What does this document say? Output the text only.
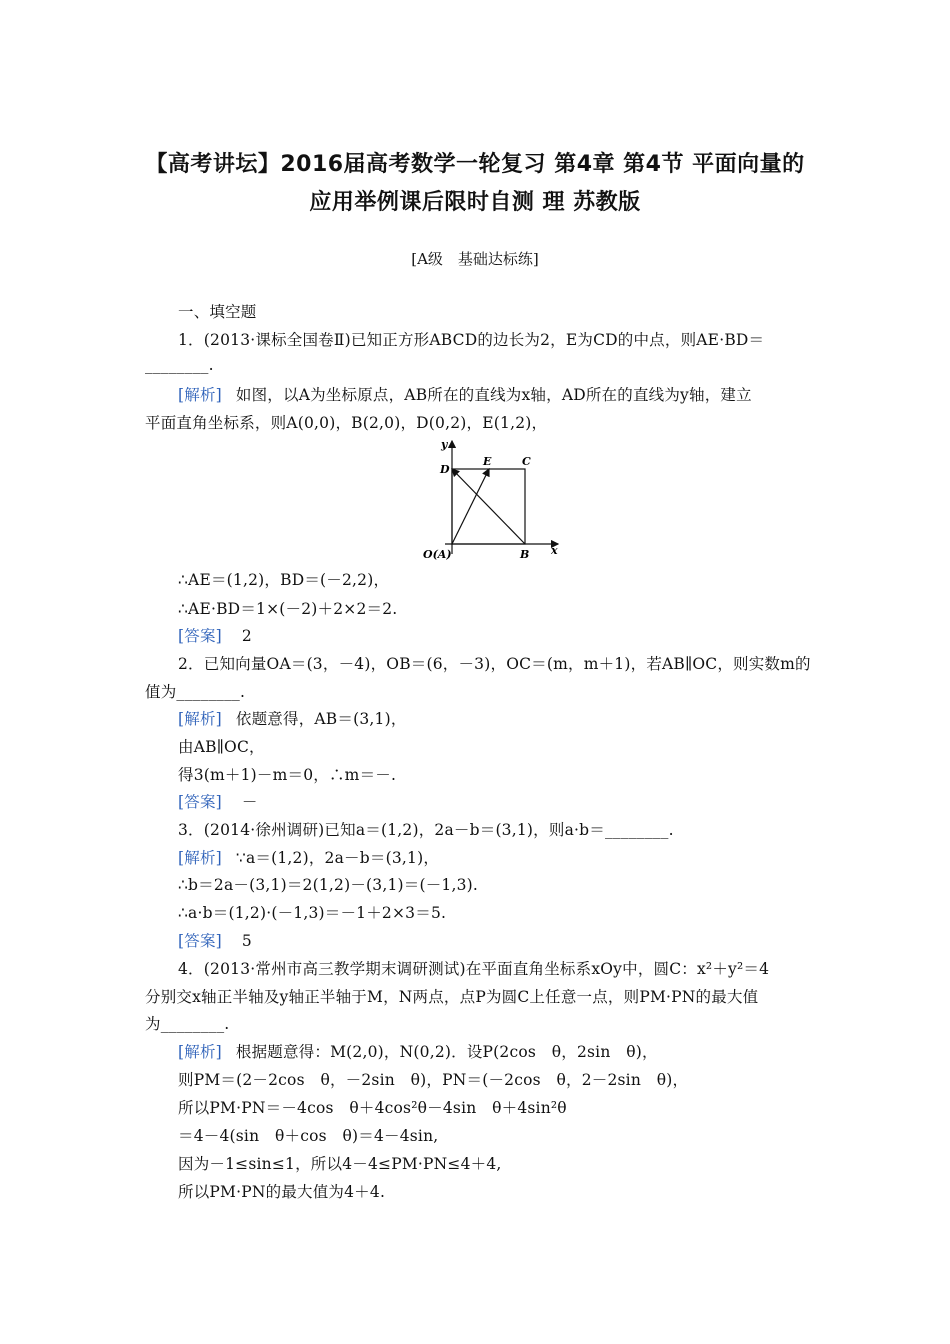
【高考讲坛】2016届高考数学一轮复习 第4章 第4节 平面向量的
应用举例课后限时自测 理 苏教版
[A级　基础达标练]
一、填空题
1．(2013·课标全国卷Ⅱ)已知正方形ABCD的边长为2，E为CD的中点，则AE·BD＝
________.
[解析] 如图，以A为坐标原点，AB所在的直线为x轴，AD所在的直线为y轴，建立
平面直角坐标系，则A(0,0)，B(2,0)，D(0,2)，E(1,2)，
y
D
E	C
O(A)	B x
∴AE＝(1,2)，BD＝(－2,2)，
∴AE·BD＝1×(－2)＋2×2＝2.
[答案] 2
2．已知向量OA＝(3，－4)，OB＝(6，－3)，OC＝(m，m＋1)，若AB∥OC，则实数m的
值为________.
[解析] 依题意得，AB＝(3,1)，
由AB∥OC，
得3(m＋1)－m＝0，∴m＝－.
[答案] －
3．(2014·徐州调研)已知a＝(1,2)，2a－b＝(3,1)，则a·b＝________.
[解析] ∵a＝(1,2)，2a－b＝(3,1)，
∴b＝2a－(3,1)＝2(1,2)－(3,1)＝(－1,3).
∴a·b＝(1,2)·(－1,3)＝－1＋2×3＝5.
[答案] 5
4．(2013·常州市高三教学期末调研测试)在平面直角坐标系xOy中，圆C：x²＋y²＝4
分别交x轴正半轴及y轴正半轴于M，N两点，点P为圆C上任意一点，则PM·PN的最大值
为________.
[解析] 根据题意得：M(2,0)，N(0,2)．设P(2cos　θ，2sin　θ)，
则PM＝(2－2cos　θ，－2sin　θ)，PN＝(－2cos　θ，2－2sin　θ)，
所以PM·PN＝－4cos　θ＋4cos²θ－4sin　θ＋4sin²θ
＝4－4(sin　θ＋cos　θ)＝4－4sin,
因为－1≤sin≤1，所以4－4≤PM·PN≤4＋4,
所以PM·PN的最大值为4＋4.
